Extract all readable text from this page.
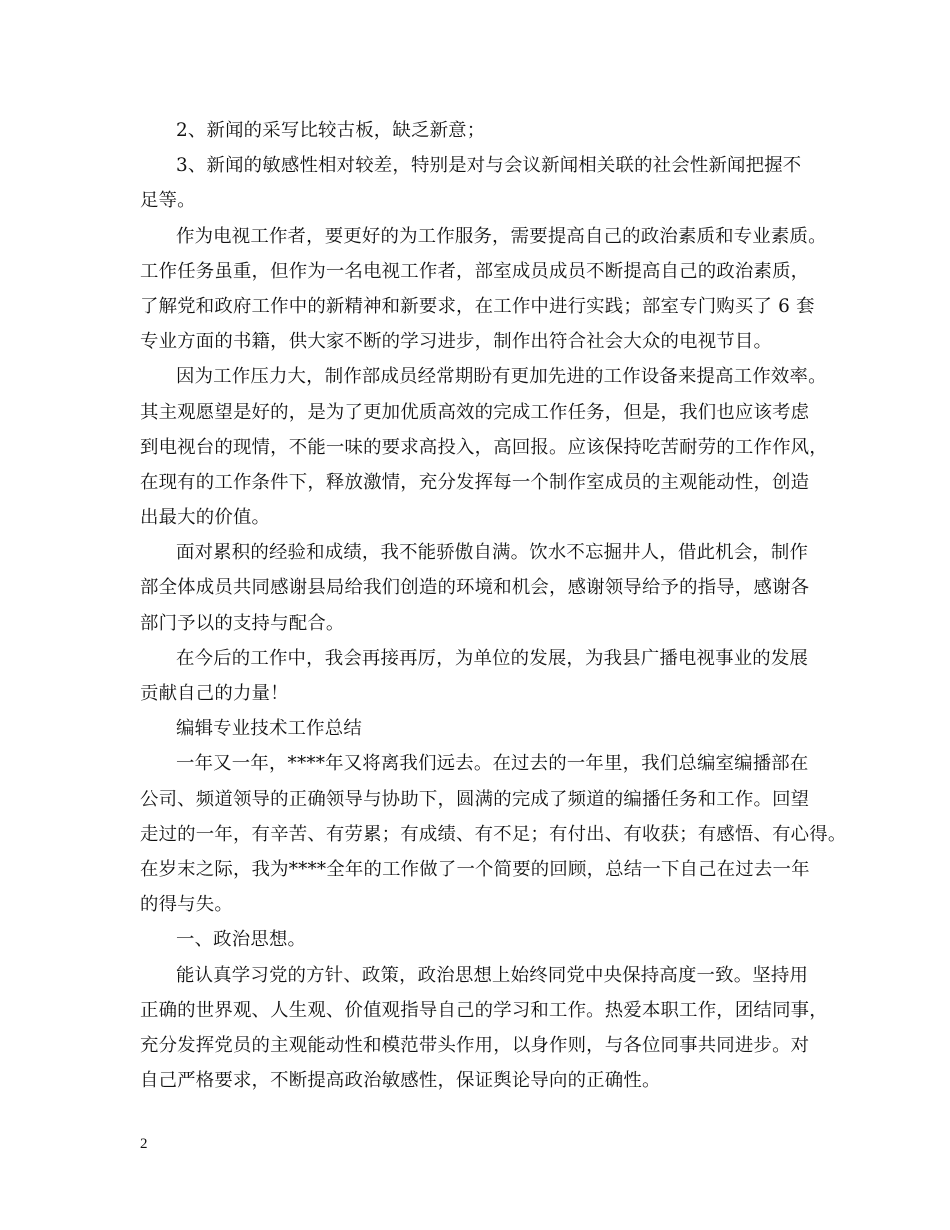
2、新闻的采写比较古板，缺乏新意；
3、新闻的敏感性相对较差，特别是对与会议新闻相关联的社会性新闻把握不
足等。
作为电视工作者，要更好的为工作服务，需要提高自己的政治素质和专业素质。
工作任务虽重，但作为一名电视工作者，部室成员成员不断提高自己的政治素质，
了解党和政府工作中的新精神和新要求，在工作中进行实践；部室专门购买了 6 套
专业方面的书籍，供大家不断的学习进步，制作出符合社会大众的电视节目。
因为工作压力大，制作部成员经常期盼有更加先进的工作设备来提高工作效率。
其主观愿望是好的，是为了更加优质高效的完成工作任务，但是，我们也应该考虑
到电视台的现情，不能一味的要求高投入，高回报。应该保持吃苦耐劳的工作作风，
在现有的工作条件下，释放激情，充分发挥每一个制作室成员的主观能动性，创造
出最大的价值。
面对累积的经验和成绩，我不能骄傲自满。饮水不忘掘井人，借此机会，制作
部全体成员共同感谢县局给我们创造的环境和机会，感谢领导给予的指导，感谢各
部门予以的支持与配合。
在今后的工作中，我会再接再厉，为单位的发展，为我县广播电视事业的发展
贡献自己的力量！
编辑专业技术工作总结
一年又一年，****年又将离我们远去。在过去的一年里，我们总编室编播部在
公司、频道领导的正确领导与协助下，圆满的完成了频道的编播任务和工作。回望
走过的一年，有辛苦、有劳累；有成绩、有不足；有付出、有收获；有感悟、有心得。
在岁末之际，我为****全年的工作做了一个简要的回顾，总结一下自己在过去一年
的得与失。
一、政治思想。
能认真学习党的方针、政策，政治思想上始终同党中央保持高度一致。坚持用
正确的世界观、人生观、价值观指导自己的学习和工作。热爱本职工作，团结同事，
充分发挥党员的主观能动性和模范带头作用，以身作则，与各位同事共同进步。对
自己严格要求，不断提高政治敏感性，保证舆论导向的正确性。
2
